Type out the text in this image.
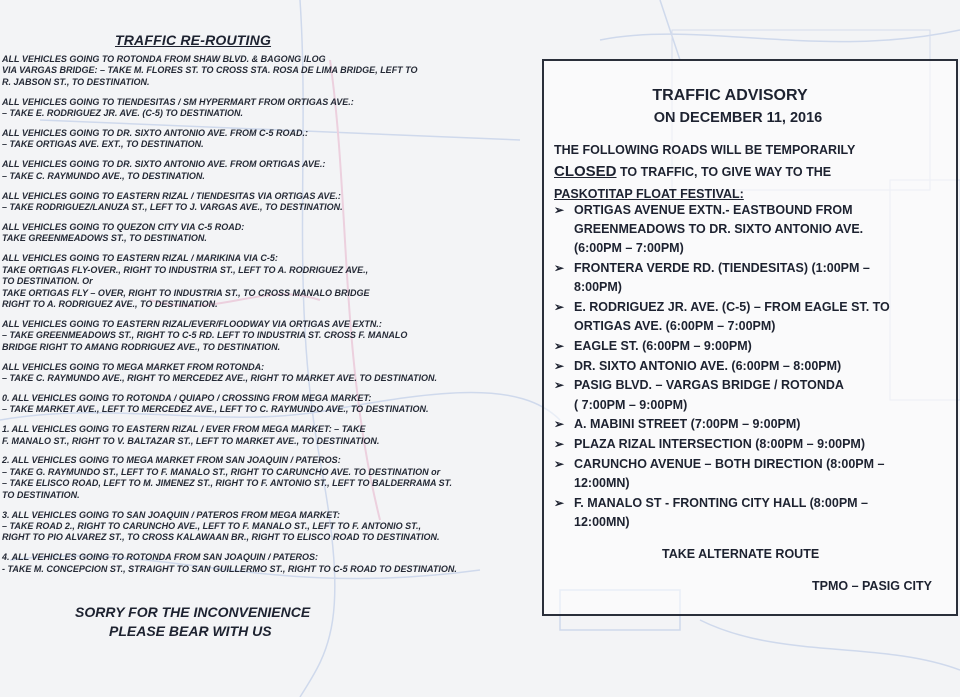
TRAFFIC RE-ROUTING
ALL VEHICLES GOING TO ROTONDA FROM SHAW BLVD. & BAGONG ILOG
VIA VARGAS BRIDGE: – TAKE M. FLORES ST. TO CROSS STA. ROSA DE LIMA BRIDGE, LEFT TO
R. JABSON ST., TO DESTINATION.
ALL VEHICLES GOING TO TIENDESITAS / SM HYPERMART FROM ORTIGAS AVE.:
– TAKE E. RODRIGUEZ JR. AVE. (C-5) TO DESTINATION.
ALL VEHICLES GOING TO DR. SIXTO ANTONIO AVE. FROM C-5 ROAD.:
– TAKE ORTIGAS AVE. EXT., TO DESTINATION.
ALL VEHICLES GOING TO DR. SIXTO ANTONIO AVE. FROM ORTIGAS AVE.:
– TAKE C. RAYMUNDO AVE., TO DESTINATION.
ALL VEHICLES GOING TO EASTERN RIZAL / TIENDESITAS VIA ORTIGAS AVE.:
– TAKE RODRIGUEZ/LANUZA ST., LEFT TO J. VARGAS AVE., TO DESTINATION.
ALL VEHICLES GOING TO QUEZON CITY VIA C-5 ROAD:
TAKE GREENMEADOWS ST., TO DESTINATION.
ALL VEHICLES GOING TO EASTERN RIZAL / MARIKINA VIA C-5:
TAKE ORTIGAS FLY-OVER., RIGHT TO INDUSTRIA ST., LEFT TO A. RODRIGUEZ AVE.,
TO DESTINATION. Or
TAKE ORTIGAS FLY – OVER, RIGHT TO INDUSTRIA ST., TO CROSS MANALO BRIDGE
RIGHT TO A. RODRIGUEZ AVE., TO DESTINATION.
ALL VEHICLES GOING TO EASTERN RIZAL/EVER/FLOODWAY VIA ORTIGAS AVE EXTN.:
– TAKE GREENMEADOWS ST., RIGHT TO C-5 RD. LEFT TO INDUSTRIA ST. CROSS F. MANALO
BRIDGE RIGHT TO AMANG RODRIGUEZ AVE., TO DESTINATION.
ALL VEHICLES GOING TO MEGA MARKET FROM ROTONDA:
– TAKE C. RAYMUNDO AVE., RIGHT TO MERCEDEZ AVE., RIGHT TO MARKET AVE. TO DESTINATION.
0. ALL VEHICLES GOING TO ROTONDA / QUIAPO / CROSSING FROM MEGA MARKET:
– TAKE MARKET AVE., LEFT TO MERCEDEZ AVE., LEFT TO C. RAYMUNDO AVE., TO DESTINATION.
1. ALL VEHICLES GOING TO EASTERN RIZAL / EVER FROM MEGA MARKET: – TAKE
F. MANALO ST., RIGHT TO V. BALTAZAR ST., LEFT TO MARKET AVE., TO DESTINATION.
2. ALL VEHICLES GOING TO MEGA MARKET FROM SAN JOAQUIN / PATEROS:
– TAKE G. RAYMUNDO ST., LEFT TO F. MANALO ST., RIGHT TO CARUNCHO AVE. TO DESTINATION or
– TAKE ELISCO ROAD, LEFT TO M. JIMENEZ ST., RIGHT TO F. ANTONIO ST., LEFT TO BALDERRAMA ST.
TO DESTINATION.
3. ALL VEHICLES GOING TO SAN JOAQUIN / PATEROS FROM MEGA MARKET:
– TAKE ROAD 2., RIGHT TO CARUNCHO AVE., LEFT TO F. MANALO ST., LEFT TO F. ANTONIO ST.,
RIGHT TO PIO ALVAREZ ST., TO CROSS KALAWAAN BR., RIGHT TO ELISCO ROAD TO DESTINATION.
4. ALL VEHICLES GOING TO ROTONDA FROM SAN JOAQUIN / PATEROS:
- TAKE M. CONCEPCION ST., STRAIGHT TO SAN GUILLERMO ST., RIGHT TO C-5 ROAD TO DESTINATION.
SORRY FOR THE INCONVENIENCE
PLEASE BEAR WITH US
TRAFFIC ADVISORY
ON DECEMBER 11, 2016
THE FOLLOWING ROADS WILL BE TEMPORARILY
CLOSED TO TRAFFIC, TO GIVE WAY TO THE
PASKOTITAP FLOAT FESTIVAL:
➢ ORTIGAS AVENUE EXTN.- EASTBOUND FROM
GREENMEADOWS TO DR. SIXTO ANTONIO AVE.
(6:00PM – 7:00PM)
➢ FRONTERA VERDE RD. (TIENDESITAS) (1:00PM –
8:00PM)
➢ E. RODRIGUEZ JR. AVE. (C-5) – FROM EAGLE ST. TO
ORTIGAS AVE. (6:00PM – 7:00PM)
➢ EAGLE ST. (6:00PM – 9:00PM)
➢ DR. SIXTO ANTONIO AVE. (6:00PM – 8:00PM)
➢ PASIG BLVD. – VARGAS BRIDGE / ROTONDA
( 7:00PM – 9:00PM)
➢ A. MABINI STREET (7:00PM – 9:00PM)
➢ PLAZA RIZAL INTERSECTION (8:00PM – 9:00PM)
➢ CARUNCHO AVENUE – BOTH DIRECTION (8:00PM –
12:00MN)
➢ F. MANALO ST - FRONTING CITY HALL (8:00PM –
12:00MN)
TAKE ALTERNATE ROUTE
TPMO – PASIG CITY
